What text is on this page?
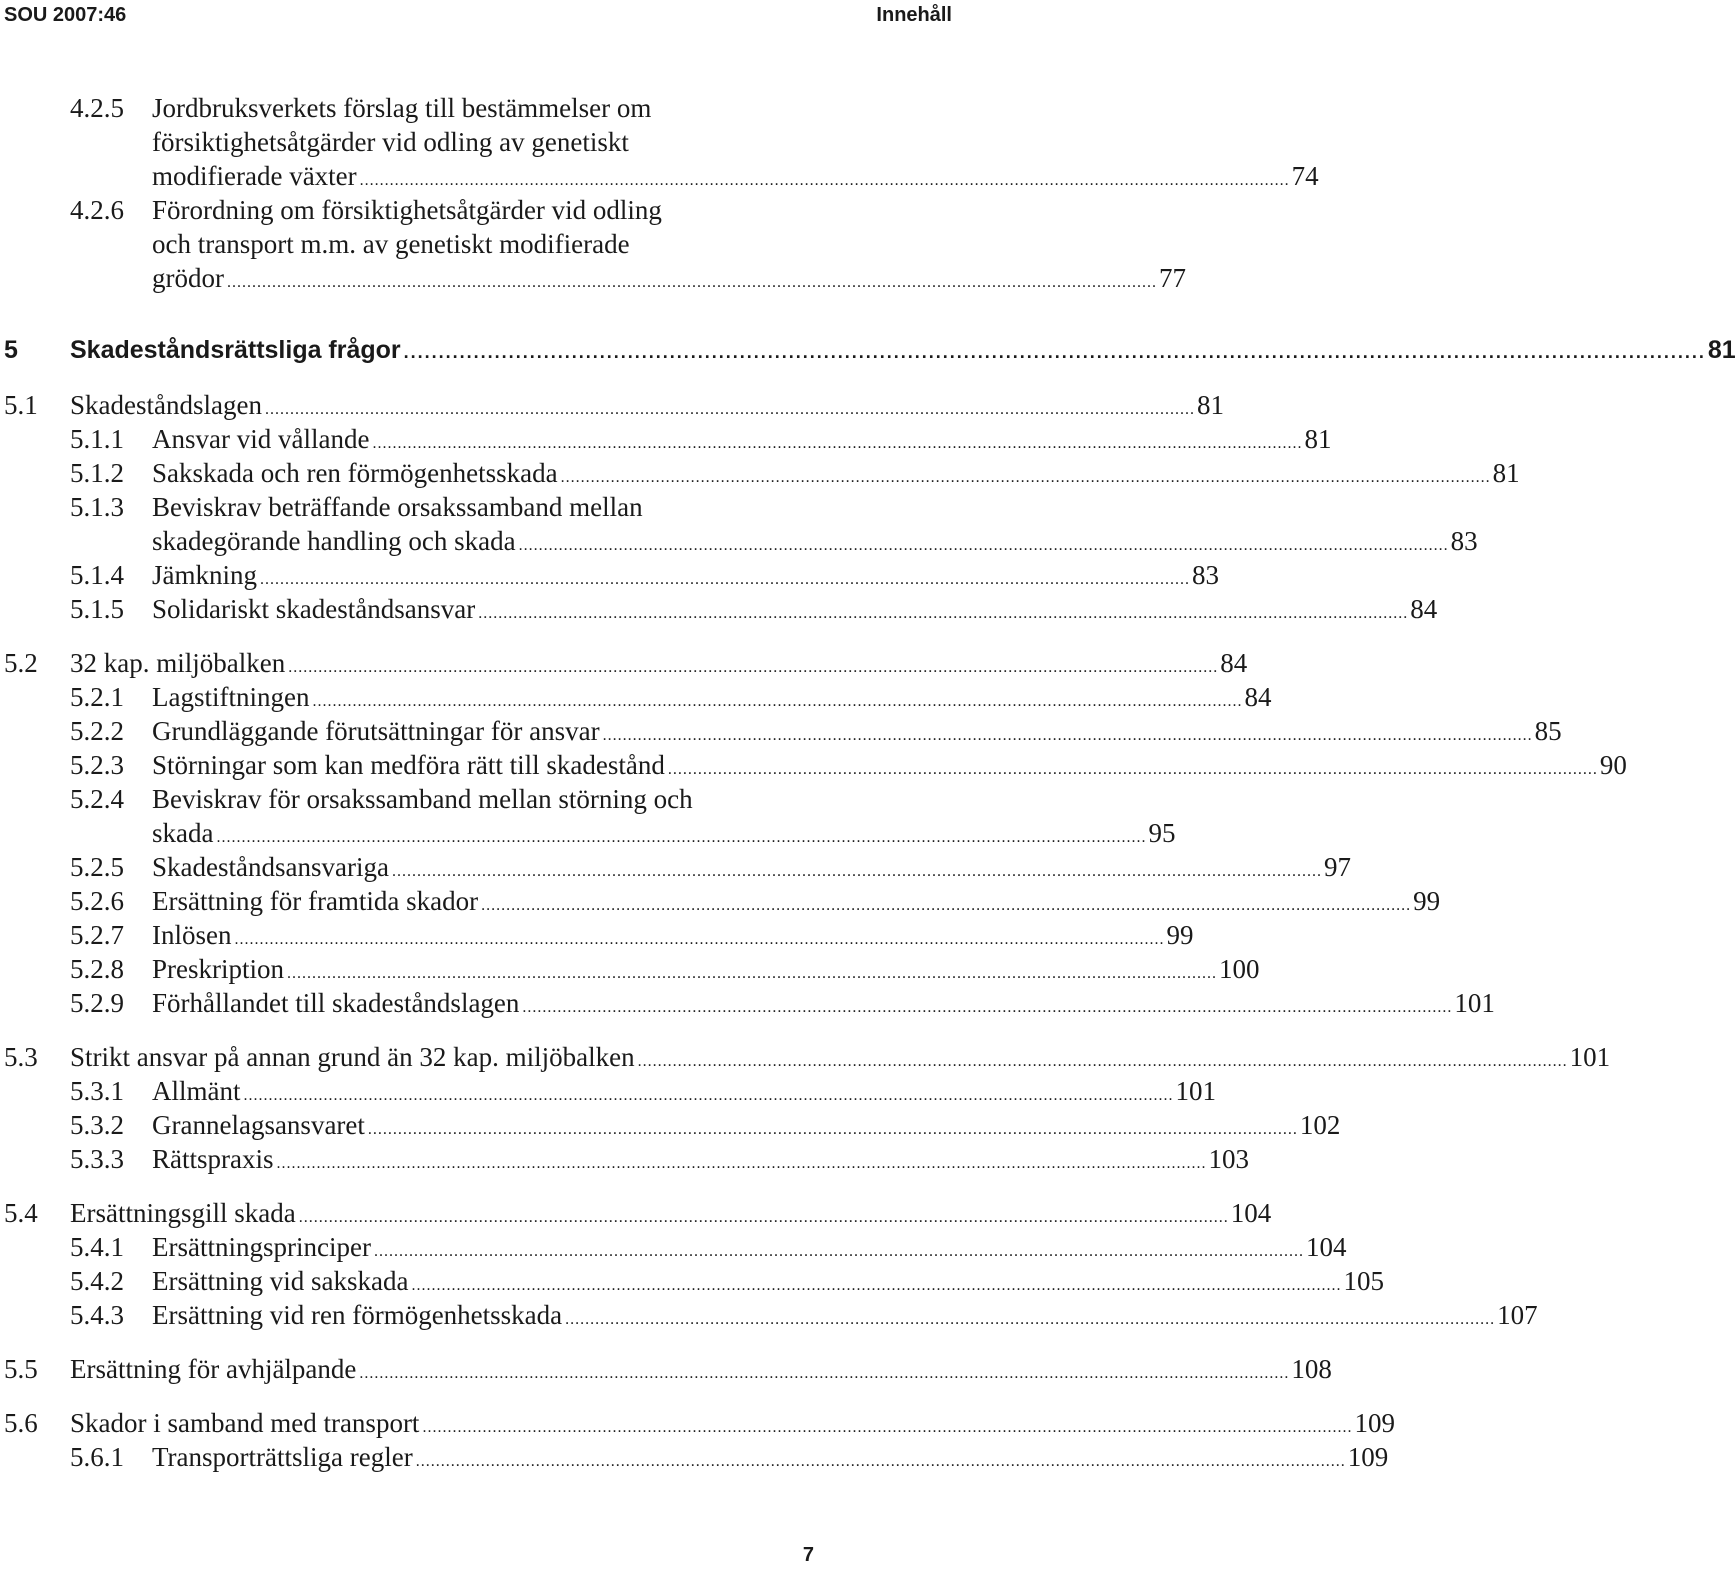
SOU 2007:46	Innehåll
4.2.5 Jordbruksverkets förslag till bestämmelser om
försiktighetsåtgärder vid odling av genetiskt
modifierade växter .......................................................................................................................................................................................... 74
4.2.6 Förordning om försiktighetsåtgärder vid odling
och transport m.m. av genetiskt modifierade
grödor .......................................................................................................................................................................................... 77
5 Skadeståndsrättsliga frågor .......................................................................................................................................................................................... 81
5.1 Skadeståndslagen .......................................................................................................................................................................................... 81
5.1.1 Ansvar vid vållande .......................................................................................................................................................................................... 81
5.1.2 Sakskada och ren förmögenhetsskada .......................................................................................................................................................................................... 81
5.1.3 Beviskrav beträffande orsakssamband mellan
skadegörande handling och skada .......................................................................................................................................................................................... 83
5.1.4 Jämkning .......................................................................................................................................................................................... 83
5.1.5 Solidariskt skadeståndsansvar .......................................................................................................................................................................................... 84
5.2 32 kap. miljöbalken .......................................................................................................................................................................................... 84
5.2.1 Lagstiftningen .......................................................................................................................................................................................... 84
5.2.2 Grundläggande förutsättningar för ansvar .......................................................................................................................................................................................... 85
5.2.3 Störningar som kan medföra rätt till skadestånd .......................................................................................................................................................................................... 90
5.2.4 Beviskrav för orsakssamband mellan störning och
skada .......................................................................................................................................................................................... 95
5.2.5 Skadeståndsansvariga .......................................................................................................................................................................................... 97
5.2.6 Ersättning för framtida skador .......................................................................................................................................................................................... 99
5.2.7 Inlösen .......................................................................................................................................................................................... 99
5.2.8 Preskription .......................................................................................................................................................................................... 100
5.2.9 Förhållandet till skadeståndslagen .......................................................................................................................................................................................... 101
5.3 Strikt ansvar på annan grund än 32 kap. miljöbalken .......................................................................................................................................................................................... 101
5.3.1 Allmänt .......................................................................................................................................................................................... 101
5.3.2 Grannelagsansvaret .......................................................................................................................................................................................... 102
5.3.3 Rättspraxis .......................................................................................................................................................................................... 103
5.4 Ersättningsgill skada .......................................................................................................................................................................................... 104
5.4.1 Ersättningsprinciper .......................................................................................................................................................................................... 104
5.4.2 Ersättning vid sakskada .......................................................................................................................................................................................... 105
5.4.3 Ersättning vid ren förmögenhetsskada .......................................................................................................................................................................................... 107
5.5 Ersättning för avhjälpande .......................................................................................................................................................................................... 108
5.6 Skador i samband med transport .......................................................................................................................................................................................... 109
5.6.1 Transporträttsliga regler .......................................................................................................................................................................................... 109
7
